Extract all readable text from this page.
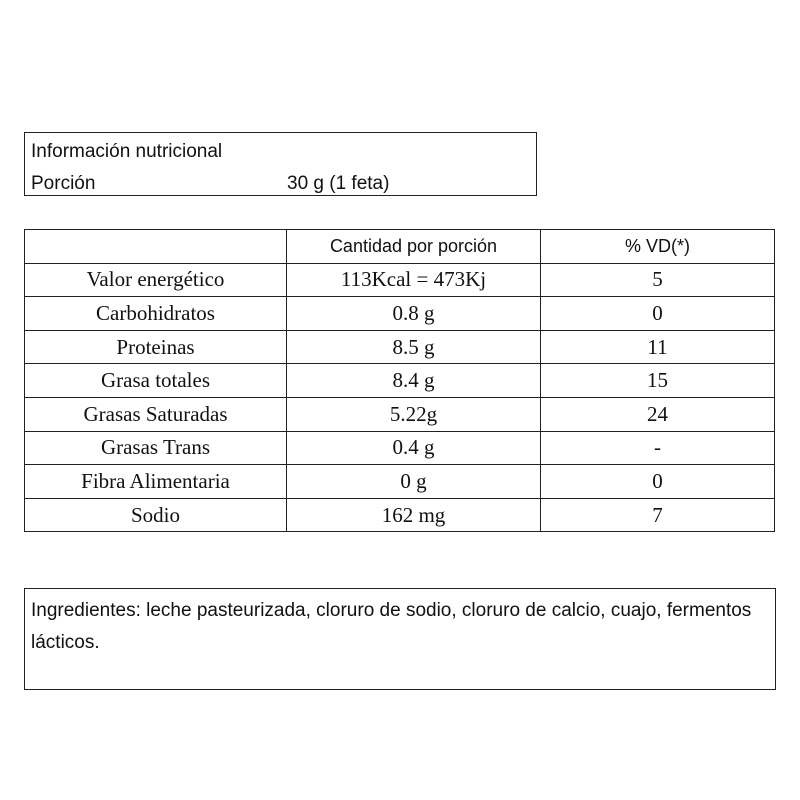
Información nutricional
Porción	30 g (1 feta)
	Cantidad por porción	% VD(*)
Valor energético	113Kcal = 473Kj	5
Carbohidratos	0.8 g	0
Proteinas	8.5 g	11
Grasa totales	8.4 g	15
Grasas Saturadas	5.22g	24
Grasas Trans	0.4 g	-
Fibra Alimentaria	0 g	0
Sodio	162 mg	7
Ingredientes: leche pasteurizada, cloruro de sodio, cloruro de calcio, cuajo, fermentos lácticos.
